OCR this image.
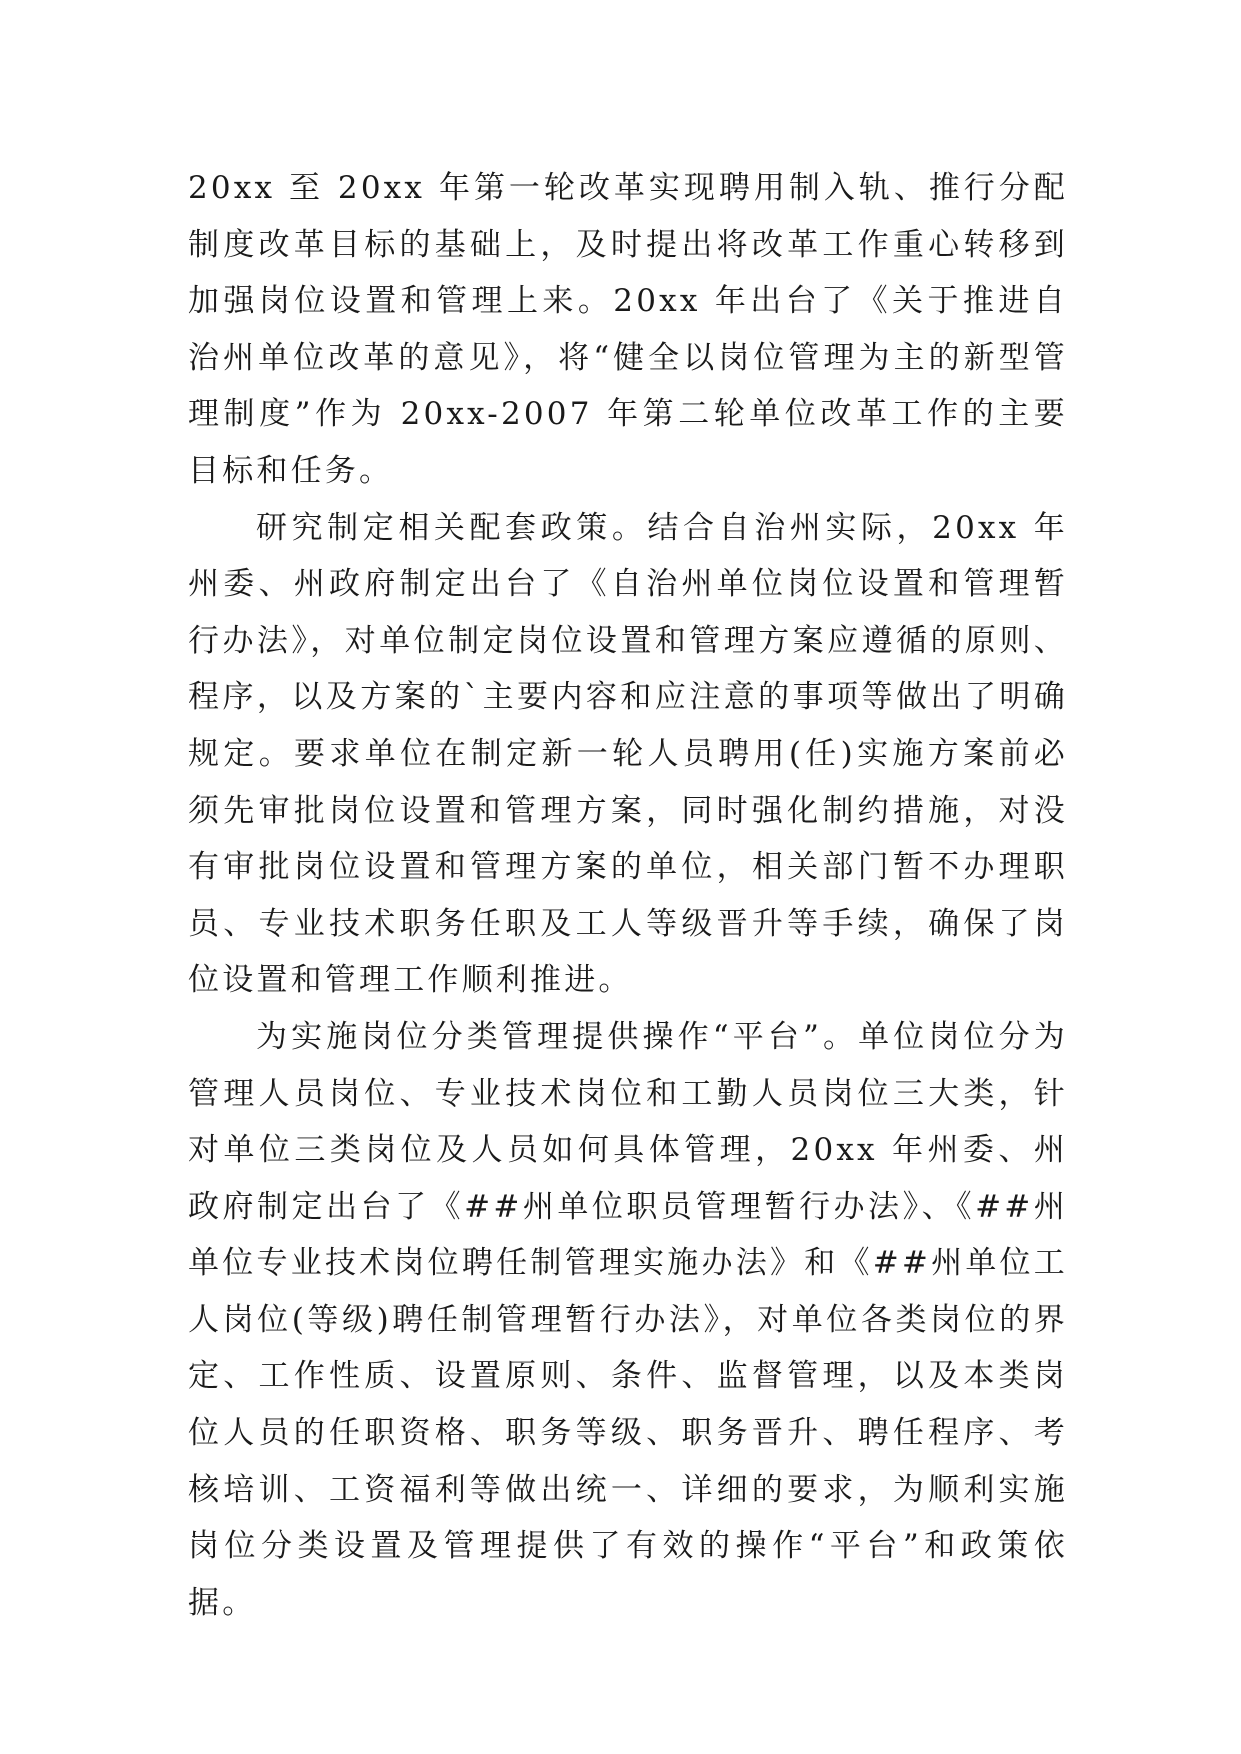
20xx 至 20xx 年第一轮改革实现聘用制入轨、推行分配制度改革目标的基础上，及时提出将改革工作重心转移到加强岗位设置和管理上来。20xx 年出台了《关于推进自治州单位改革的意见》，将“健全以岗位管理为主的新型管理制度”作为 20xx-2007 年第二轮单位改革工作的主要目标和任务。

研究制定相关配套政策。结合自治州实际，20xx 年州委、州政府制定出台了《自治州单位岗位设置和管理暂行办法》，对单位制定岗位设置和管理方案应遵循的原则、程序，以及方案的`主要内容和应注意的事项等做出了明确规定。要求单位在制定新一轮人员聘用(任)实施方案前必须先审批岗位设置和管理方案，同时强化制约措施，对没有审批岗位设置和管理方案的单位，相关部门暂不办理职员、专业技术职务任职及工人等级晋升等手续，确保了岗位设置和管理工作顺利推进。

为实施岗位分类管理提供操作“平台”。单位岗位分为管理人员岗位、专业技术岗位和工勤人员岗位三大类，针对单位三类岗位及人员如何具体管理，20xx 年州委、州政府制定出台了《##州单位职员管理暂行办法》、《##州单位专业技术岗位聘任制管理实施办法》和《##州单位工人岗位(等级)聘任制管理暂行办法》，对单位各类岗位的界定、工作性质、设置原则、条件、监督管理，以及本类岗位人员的任职资格、职务等级、职务晋升、聘任程序、考核培训、工资福利等做出统一、详细的要求，为顺利实施岗位分类设置及管理提供了有效的操作“平台”和政策依据。
